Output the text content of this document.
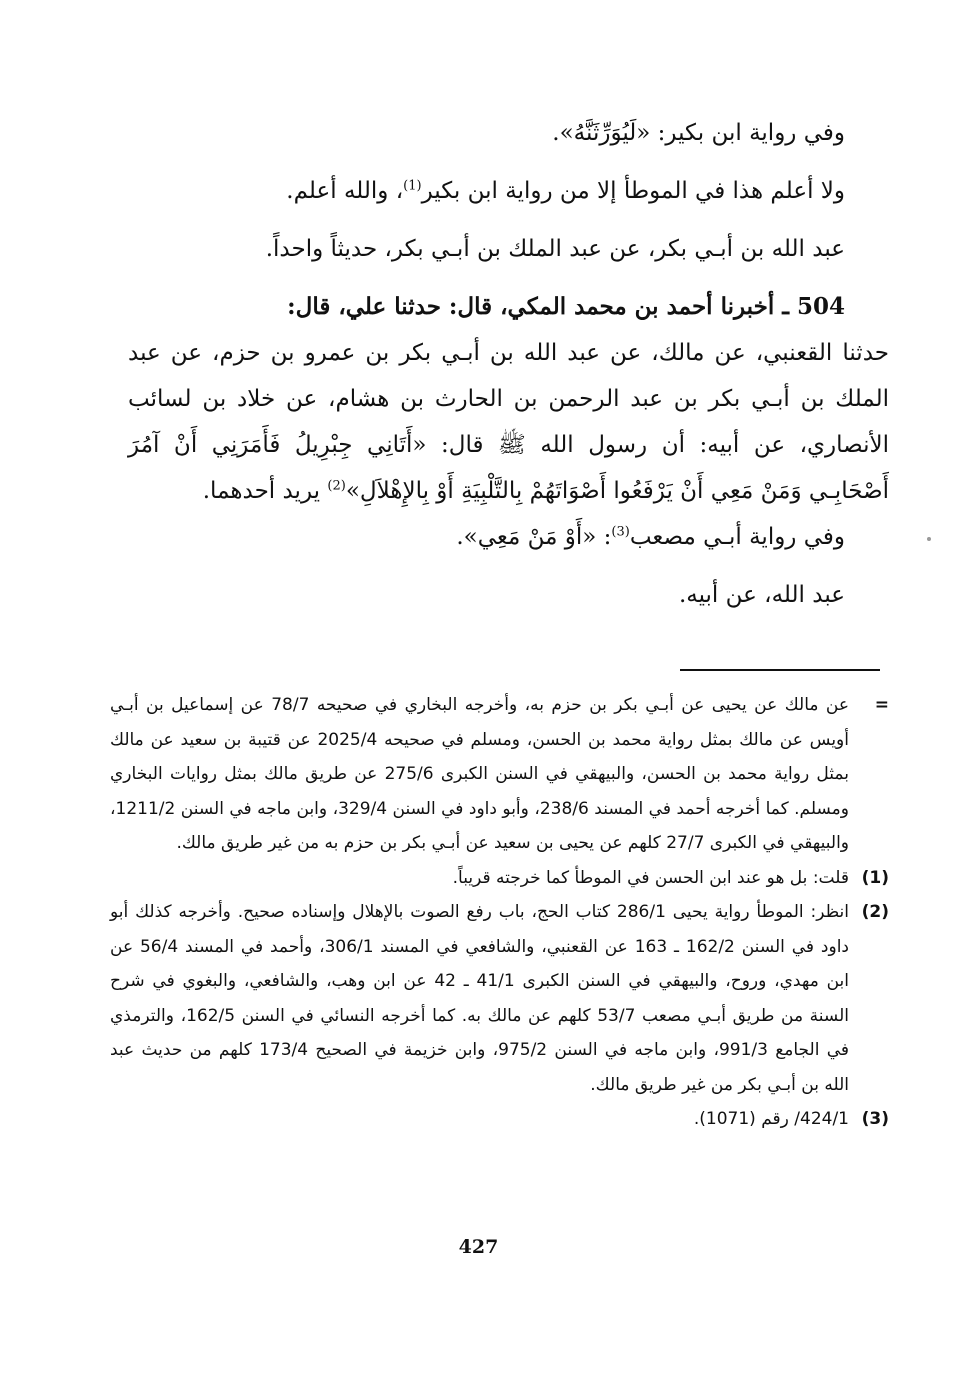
وفي رواية ابن بكير: «لَيُوَرِّثَنَّهُ».

ولا أعلم هذا في الموطأ إلا من رواية ابن بكير$^{(1)}$، والله أعلم.

عبد الله بن أبـي بكر، عن عبد الملك بن أبـي بكر، حديثاً واحداً.

504 ـ أخبرنا أحمد بن محمد المكي، قال: حدثنا علي، قال:

حدثنا القعنبي، عن مالك، عن عبد الله بن أبـي بكر بن عمرو بن حزم، عن عبد الملك بن أبـي بكر بن عبد الرحمن بن الحارث بن هشام، عن خلاد بن لسائب الأنصاري، عن أبيه: أن رسول الله ﷺ قال: «أَتَانِي جِبْرِيلُ فَأَمَرَنِي أَنْ آمُرَ أَصْحَابِـي وَمَنْ مَعِي أَنْ يَرْفَعُوا أَصْوَاتَهُمْ بِالتَّلْبِيَةِ أَوْ بِالإِهْلاَلِ»$^{(2)}$ يريد أحدهما.

وفي رواية أبـي مصعب$^{(3)}$: «أَوْ مَنْ مَعِي».

عبد الله، عن أبيه.

=
عن مالك عن يحيى عن أبـي بكر بن حزم به، وأخرجه البخاري في صحيحه 78/7 عن إسماعيل بن أبـي أويس عن مالك بمثل رواية محمد بن الحسن، ومسلم في صحيحه 2025/4 عن قتيبة بن سعيد عن مالك بمثل رواية محمد بن الحسن، والبيهقي في السنن الكبرى 275/6 عن طريق مالك بمثل روايات البخاري ومسلم. كما أخرجه أحمد في المسند 238/6، وأبو داود في السنن 329/4، وابن ماجه في السنن 1211/2، والبيهقي في الكبرى 27/7 كلهم عن يحيى بن سعيد عن أبـي بكر بن حزم به من غير طريق مالك.
(1)
قلت: بل هو عند ابن الحسن في الموطأ كما خرجته قريباً.
(2)
انظر: الموطأ رواية يحيى 286/1 كتاب الحج، باب رفع الصوت بالإهلال وإسناده صحيح. وأخرجه كذلك أبو داود في السنن 162/2 ـ 163 عن القعنبي، والشافعي في المسند 306/1، وأحمد في المسند 56/4 عن ابن مهدي، وروح، والبيهقي في السنن الكبرى 41/1 ـ 42 عن ابن وهب، والشافعي، والبغوي في شرح السنة من طريق أبـي مصعب 53/7 كلهم عن مالك به. كما أخرجه النسائي في السنن 162/5، والترمذي في الجامع 991/3، وابن ماجه في السنن 975/2، وابن خزيمة في الصحيح 173/4 كلهم من حديث عبد الله بن أبـي بكر من غير طريق مالك.
(3)
424/1/ رقم (1071).
427
